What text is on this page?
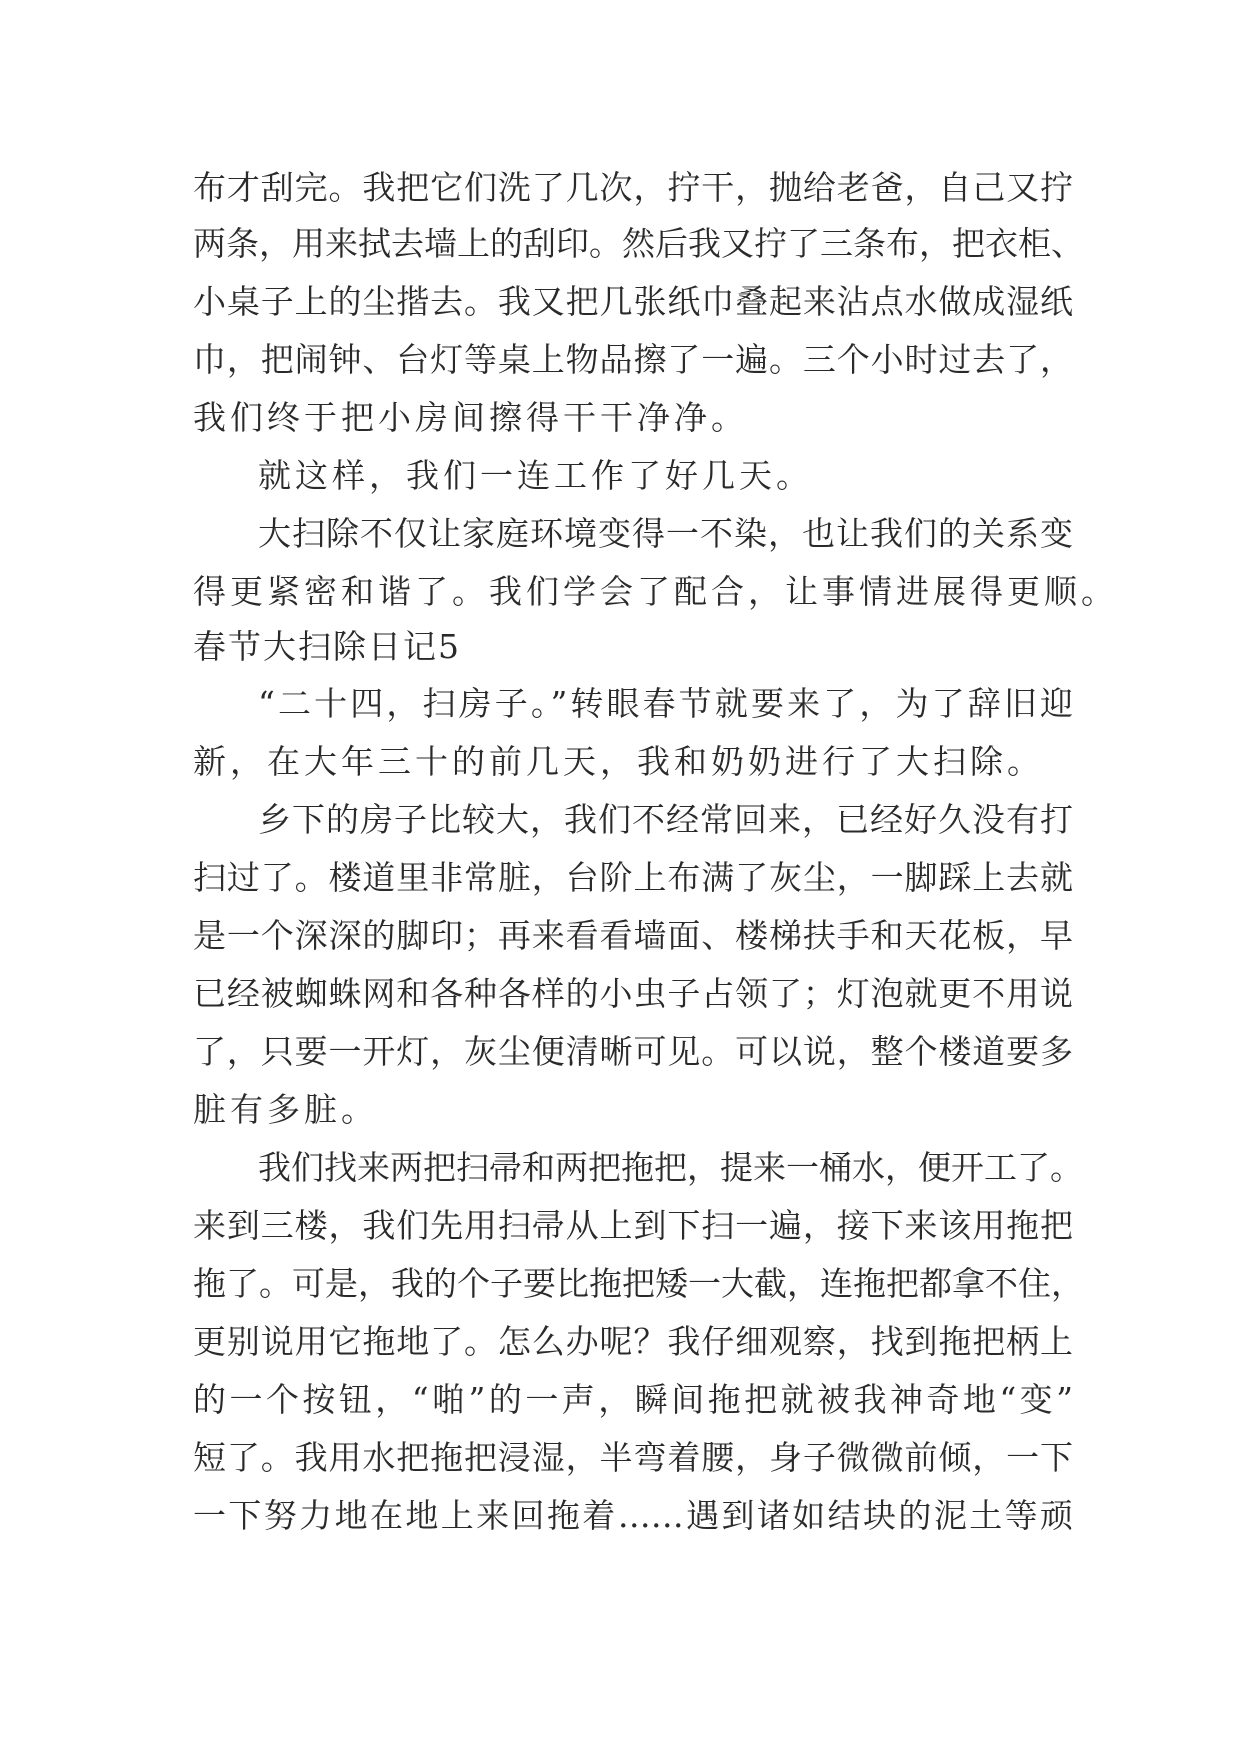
布才刮完。我把它们洗了几次，拧干，抛给老爸，自己又拧
两条，用来拭去墙上的刮印。然后我又拧了三条布，把衣柜、
小桌子上的尘揩去。我又把几张纸巾叠起来沾点水做成湿纸
巾，把闹钟、台灯等桌上物品擦了一遍。三个小时过去了，
我们终于把小房间擦得干干净净。
就这样，我们一连工作了好几天。
大扫除不仅让家庭环境变得一不染，也让我们的关系变
得更紧密和谐了。我们学会了配合，让事情进展得更顺。
春节大扫除日记5
“二十四，扫房子。”转眼春节就要来了，为了辞旧迎
新，在大年三十的前几天，我和奶奶进行了大扫除。
乡下的房子比较大，我们不经常回来，已经好久没有打
扫过了。楼道里非常脏，台阶上布满了灰尘，一脚踩上去就
是一个深深的脚印；再来看看墙面、楼梯扶手和天花板，早
已经被蜘蛛网和各种各样的小虫子占领了；灯泡就更不用说
了，只要一开灯，灰尘便清晰可见。可以说，整个楼道要多
脏有多脏。
我们找来两把扫帚和两把拖把，提来一桶水，便开工了。
来到三楼，我们先用扫帚从上到下扫一遍，接下来该用拖把
拖了。可是，我的个子要比拖把矮一大截，连拖把都拿不住，
更别说用它拖地了。怎么办呢？我仔细观察，找到拖把柄上
的一个按钮，“啪”的一声，瞬间拖把就被我神奇地“变”
短了。我用水把拖把浸湿，半弯着腰，身子微微前倾，一下
一下努力地在地上来回拖着……遇到诸如结块的泥土等顽
